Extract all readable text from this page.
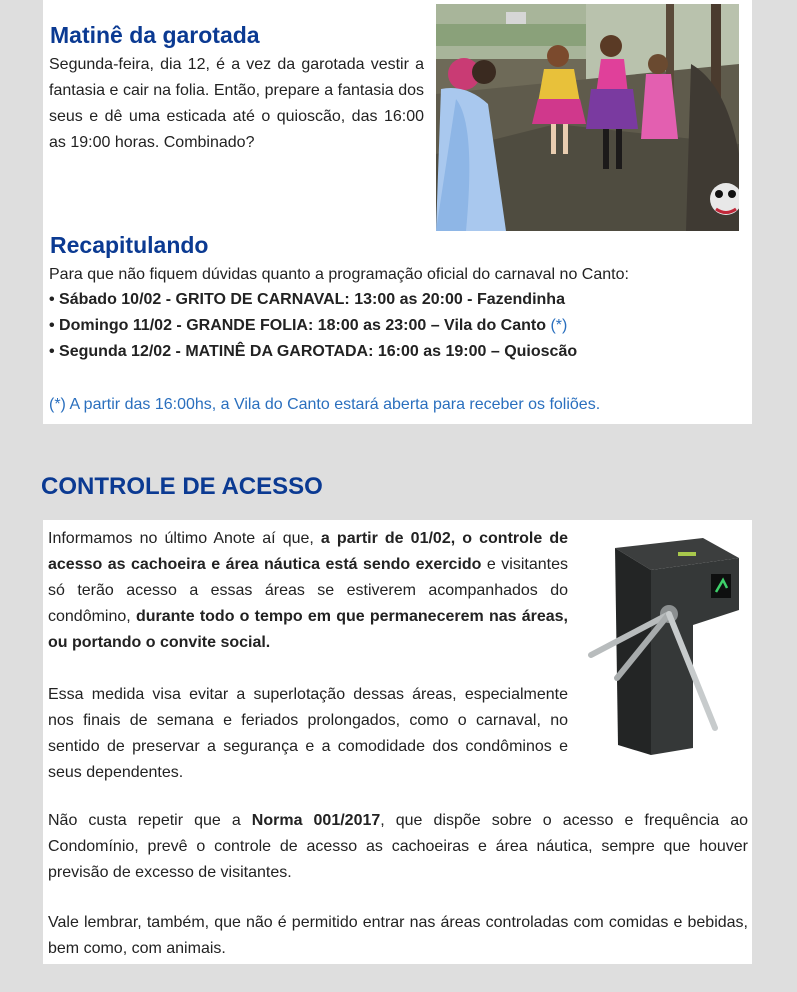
Matinê da garotada

Segunda-feira, dia 12, é a vez da garotada vestir a fantasia e cair na folia. Então, prepare a fantasia dos seus e dê uma esticada até o quioscão, das 16:00 as 19:00 horas. Combinado?

Recapitulando

Para que não fiquem dúvidas quanto a programação oficial do carnaval no Canto:

• Sábado 10/02 - GRITO DE CARNAVAL: 13:00 as 20:00 - Fazendinha
• Domingo 11/02 - GRANDE FOLIA: 18:00 as 23:00 – Vila do Canto (*)
• Segunda 12/02 - MATINÊ DA GAROTADA: 16:00 as 19:00 – Quioscão

(*) A partir das 16:00hs, a Vila do Canto estará aberta para receber os foliões.

CONTROLE DE ACESSO

Informamos no último Anote aí que, a partir de 01/02, o controle de acesso as cachoeira e área náutica está sendo exercido e visitantes só terão acesso a essas áreas se estiverem acompanhados do condômino, durante todo o tempo em que permanecerem nas áreas, ou portando o convite social.

Essa medida visa evitar a superlotação dessas áreas, especialmente nos finais de semana e feriados prolongados, como o carnaval, no sentido de preservar a segurança e a comodidade dos condôminos e seus dependentes.

Não custa repetir que a Norma 001/2017, que dispõe sobre o acesso e frequência ao Condomínio, prevê o controle de acesso as cachoeiras e área náutica, sempre que houver previsão de excesso de visitantes.

Vale lembrar, também, que não é permitido entrar nas áreas controladas com comidas e bebidas, bem como, com animais.
